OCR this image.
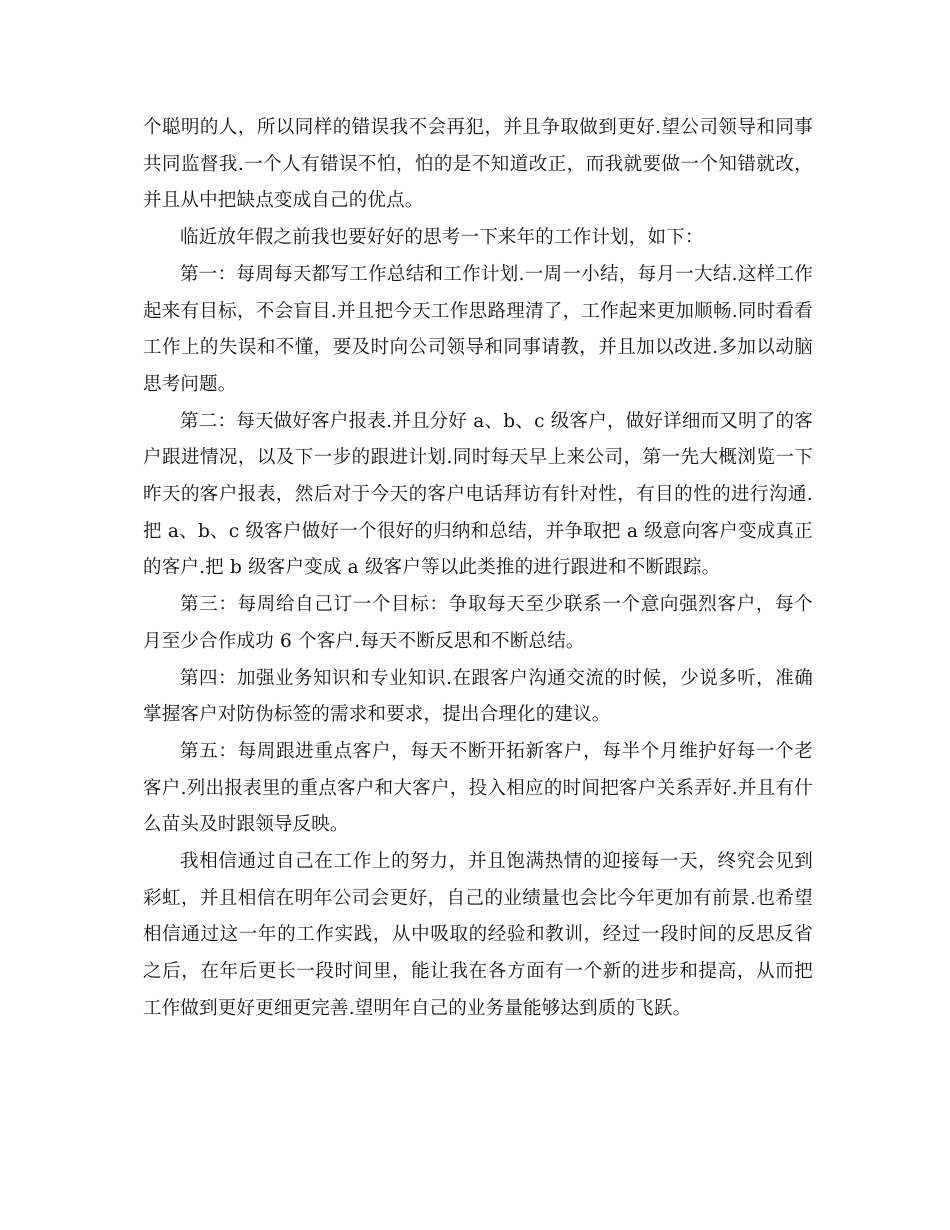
个聪明的人，所以同样的错误我不会再犯，并且争取做到更好.望公司领导和同事共同监督我.一个人有错误不怕，怕的是不知道改正，而我就要做一个知错就改，并且从中把缺点变成自己的优点。

临近放年假之前我也要好好的思考一下来年的工作计划，如下：

第一：每周每天都写工作总结和工作计划.一周一小结，每月一大结.这样工作起来有目标，不会盲目.并且把今天工作思路理清了，工作起来更加顺畅.同时看看工作上的失误和不懂，要及时向公司领导和同事请教，并且加以改进.多加以动脑思考问题。

第二：每天做好客户报表.并且分好 a、b、c 级客户，做好详细而又明了的客户跟进情况，以及下一步的跟进计划.同时每天早上来公司，第一先大概浏览一下昨天的客户报表，然后对于今天的客户电话拜访有针对性，有目的性的进行沟通.把 a、b、c 级客户做好一个很好的归纳和总结，并争取把 a 级意向客户变成真正的客户.把 b 级客户变成 a 级客户等以此类推的进行跟进和不断跟踪。

第三：每周给自己订一个目标：争取每天至少联系一个意向强烈客户，每个月至少合作成功 6 个客户.每天不断反思和不断总结。

第四：加强业务知识和专业知识.在跟客户沟通交流的时候，少说多听，准确掌握客户对防伪标签的需求和要求，提出合理化的建议。

第五：每周跟进重点客户，每天不断开拓新客户，每半个月维护好每一个老客户.列出报表里的重点客户和大客户，投入相应的时间把客户关系弄好.并且有什么苗头及时跟领导反映。

我相信通过自己在工作上的努力，并且饱满热情的迎接每一天，终究会见到彩虹，并且相信在明年公司会更好，自己的业绩量也会比今年更加有前景.也希望相信通过这一年的工作实践，从中吸取的经验和教训，经过一段时间的反思反省之后，在年后更长一段时间里，能让我在各方面有一个新的进步和提高，从而把工作做到更好更细更完善.望明年自己的业务量能够达到质的飞跃。
